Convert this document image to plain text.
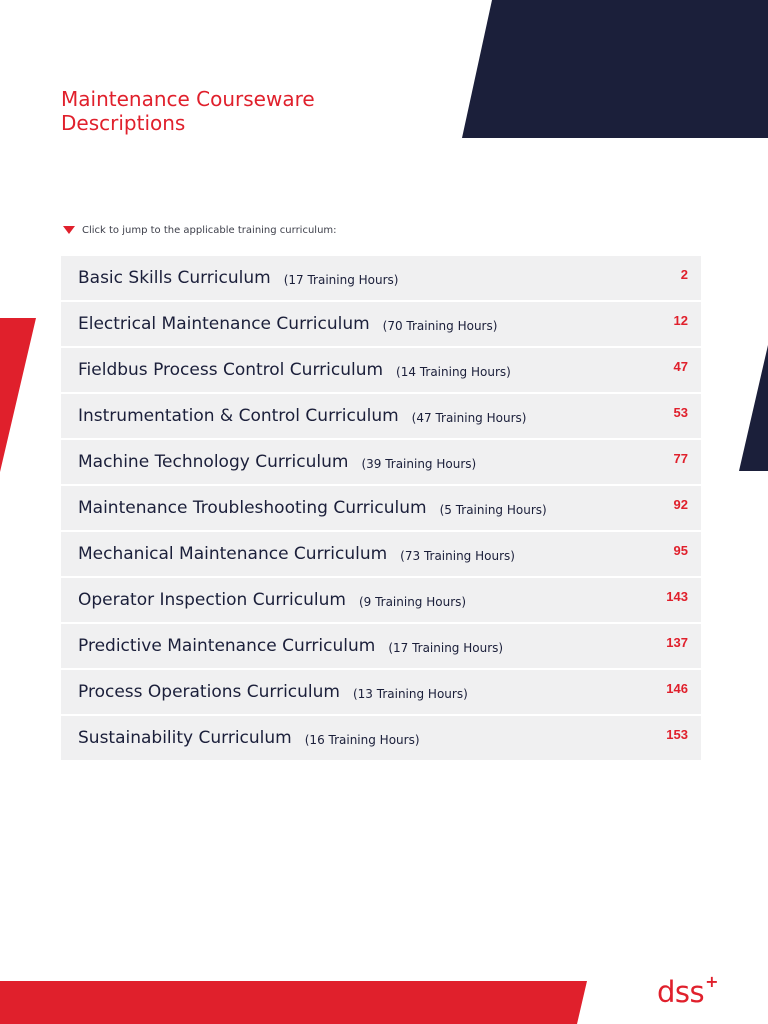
Maintenance Courseware
Descriptions
Click to jump to the applicable training curriculum:
Basic Skills Curriculum (17 Training Hours)	2
Electrical Maintenance Curriculum (70 Training Hours)	12
Fieldbus Process Control Curriculum (14 Training Hours)	47
Instrumentation & Control Curriculum (47 Training Hours)	53
Machine Technology Curriculum (39 Training Hours)	77
Maintenance Troubleshooting Curriculum (5 Training Hours)	92
Mechanical Maintenance Curriculum (73 Training Hours)	95
Operator Inspection Curriculum (9 Training Hours)	143
Predictive Maintenance Curriculum (17 Training Hours)	137
Process Operations Curriculum (13 Training Hours)	146
Sustainability Curriculum (16 Training Hours)	153
dss +
